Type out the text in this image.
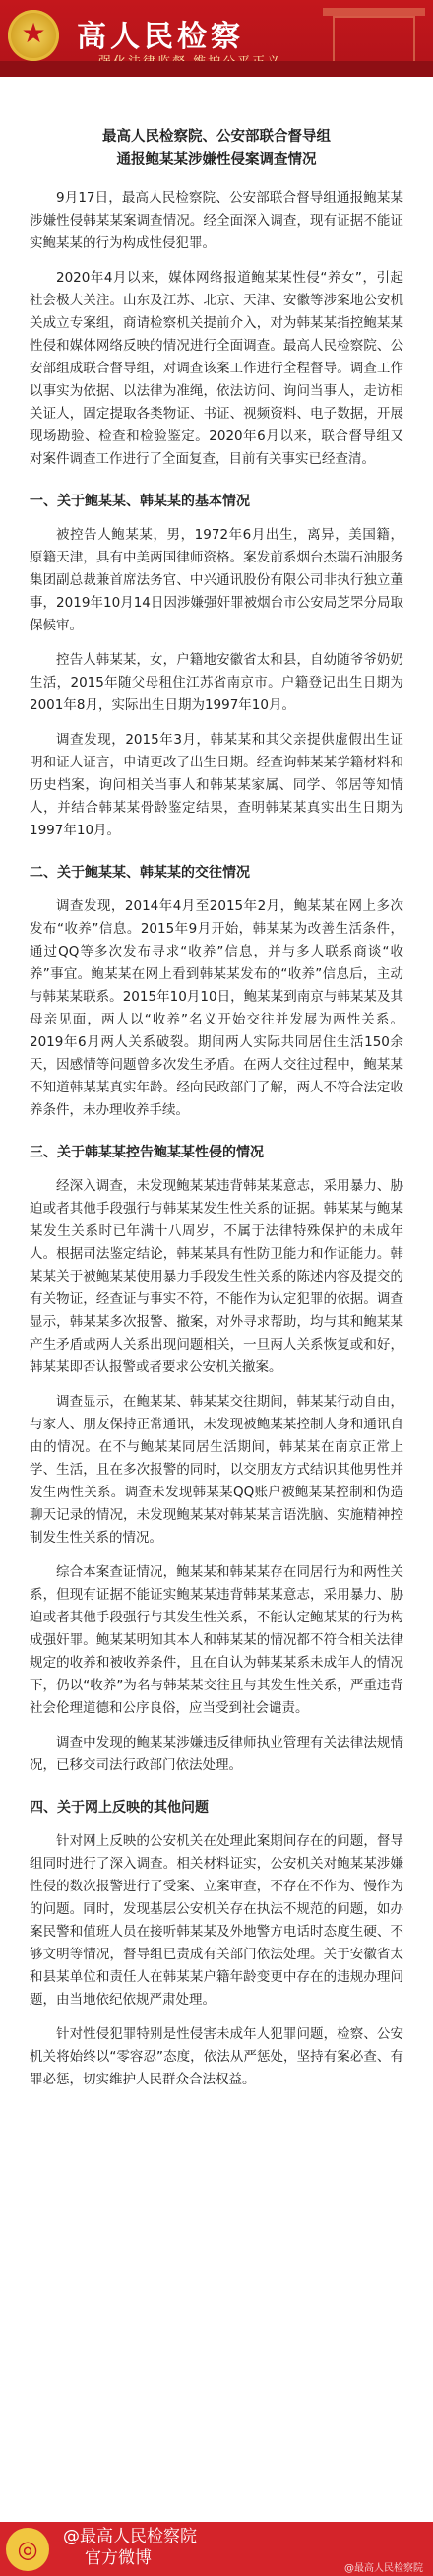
★	高人民检察
最高人民检察院、公安部联合督导组
通报鲍某某涉嫌性侵案调查情况

9月17日，最高人民检察院、公安部联合督导组通报鲍某某涉嫌性侵韩某某案调查情况。经全面深入调查，现有证据不能证实鲍某某的行为构成性侵犯罪。

2020年4月以来，媒体网络报道鲍某某性侵“养女”，引起社会极大关注。山东及江苏、北京、天津、安徽等涉案地公安机关成立专案组，商请检察机关提前介入，对为韩某某指控鲍某某性侵和媒体网络反映的情况进行全面调查。最高人民检察院、公安部组成联合督导组，对调查该案工作进行全程督导。调查工作以事实为依据、以法律为准绳，依法访问、询问当事人，走访相关证人，固定提取各类物证、书证、视频资料、电子数据，开展现场勘验、检查和检验鉴定。2020年6月以来，联合督导组又对案件调查工作进行了全面复查，目前有关事实已经查清。

一、关于鲍某某、韩某某的基本情况

被控告人鲍某某，男，1972年6月出生，离异，美国籍，原籍天津，具有中美两国律师资格。案发前系烟台杰瑞石油服务集团副总裁兼首席法务官、中兴通讯股份有限公司非执行独立董事，2019年10月14日因涉嫌强奸罪被烟台市公安局芝罘分局取保候审。

控告人韩某某，女，户籍地安徽省太和县，自幼随爷爷奶奶生活，2015年随父母租住江苏省南京市。户籍登记出生日期为2001年8月，实际出生日期为1997年10月。

调查发现，2015年3月，韩某某和其父亲提供虚假出生证明和证人证言，申请更改了出生日期。经查询韩某某学籍材料和历史档案，询问相关当事人和韩某某家属、同学、邻居等知情人，并结合韩某某骨龄鉴定结果，查明韩某某真实出生日期为1997年10月。

二、关于鲍某某、韩某某的交往情况

调查发现，2014年4月至2015年2月，鲍某某在网上多次发布“收养”信息。2015年9月开始，韩某某为改善生活条件，通过QQ等多次发布寻求“收养”信息，并与多人联系商谈“收养”事宜。鲍某某在网上看到韩某某发布的“收养”信息后，主动与韩某某联系。2015年10月10日，鲍某某到南京与韩某某及其母亲见面，两人以“收养”名义开始交往并发展为两性关系。2019年6月两人关系破裂。期间两人实际共同居住生活150余天，因感情等问题曾多次发生矛盾。在两人交往过程中，鲍某某不知道韩某某真实年龄。经向民政部门了解，两人不符合法定收养条件，未办理收养手续。

三、关于韩某某控告鲍某某性侵的情况

经深入调查，未发现鲍某某违背韩某某意志，采用暴力、胁迫或者其他手段强行与韩某某发生性关系的证据。韩某某与鲍某某发生关系时已年满十八周岁，不属于法律特殊保护的未成年人。根据司法鉴定结论，韩某某具有性防卫能力和作证能力。韩某某关于被鲍某某使用暴力手段发生性关系的陈述内容及提交的有关物证，经查证与事实不符，不能作为认定犯罪的依据。调查显示，韩某某多次报警、撤案，对外寻求帮助，均与其和鲍某某产生矛盾或两人关系出现问题相关，一旦两人关系恢复或和好，韩某某即否认报警或者要求公安机关撤案。

调查显示，在鲍某某、韩某某交往期间，韩某某行动自由，与家人、朋友保持正常通讯，未发现被鲍某某控制人身和通讯自由的情况。在不与鲍某某同居生活期间，韩某某在南京正常上学、生活，且在多次报警的同时，以交朋友方式结识其他男性并发生两性关系。调查未发现韩某某QQ账户被鲍某某控制和伪造聊天记录的情况，未发现鲍某某对韩某某言语洗脑、实施精神控制发生性关系的情况。

综合本案查证情况，鲍某某和韩某某存在同居行为和两性关系，但现有证据不能证实鲍某某违背韩某某意志，采用暴力、胁迫或者其他手段强行与其发生性关系，不能认定鲍某某的行为构成强奸罪。鲍某某明知其本人和韩某某的情况都不符合相关法律规定的收养和被收养条件，且在自认为韩某某系未成年人的情况下，仍以“收养”为名与韩某某交往且与其发生性关系，严重违背社会伦理道德和公序良俗，应当受到社会谴责。

调查中发现的鲍某某涉嫌违反律师执业管理有关法律法规情况，已移交司法行政部门依法处理。

四、关于网上反映的其他问题

针对网上反映的公安机关在处理此案期间存在的问题，督导组同时进行了深入调查。相关材料证实，公安机关对鲍某某涉嫌性侵的数次报警进行了受案、立案审查，不存在不作为、慢作为的问题。同时，发现基层公安机关存在执法不规范的问题，如办案民警和值班人员在接听韩某某及外地警方电话时态度生硬、不够文明等情况，督导组已责成有关部门依法处理。关于安徽省太和县某单位和责任人在韩某某户籍年龄变更中存在的违规办理问题，由当地依纪依规严肃处理。

针对性侵犯罪特别是性侵害未成年人犯罪问题，检察、公安机关将始终以“零容忍”态度，依法从严惩处，坚持有案必查、有罪必惩，切实维护人民群众合法权益。

◎	@最高人民检察院
官方微博
@最高人民检察院
